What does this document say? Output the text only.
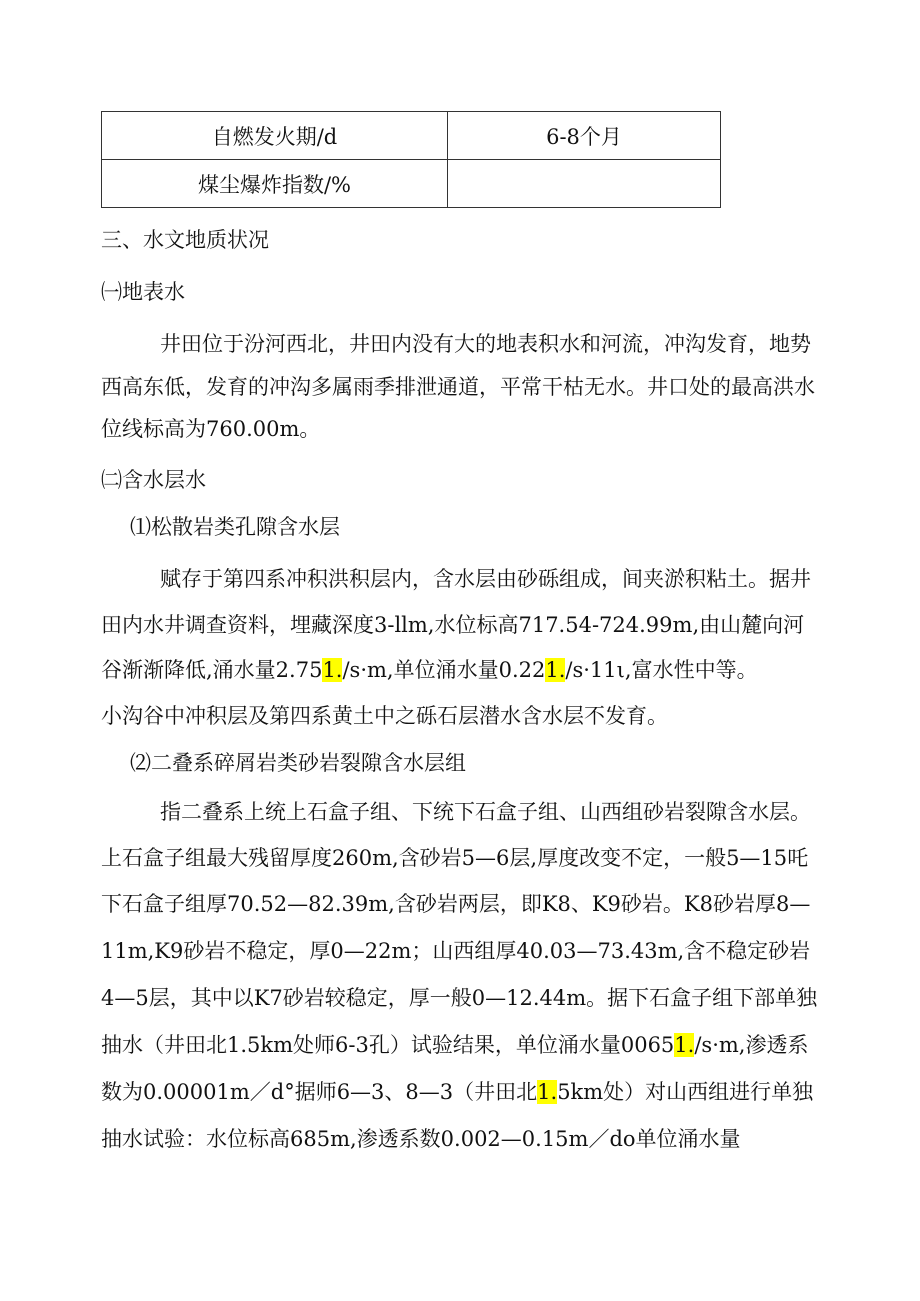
自燃发火期/d	6-8个月
煤尘爆炸指数/%	
三、水文地质状况
㈠地表水
井田位于汾河西北，井田内没有大的地表积水和河流，冲沟发育，地势
西高东低，发育的冲沟多属雨季排泄通道，平常干枯无水。井口处的最高洪水
位线标高为760.00m。
㈡含水层水
⑴松散岩类孔隙含水层
赋存于第四系冲积洪积层内，含水层由砂砾组成，间夹淤积粘土。据井
田内水井调查资料，埋藏深度3-llm,水位标高717.54-724.99m,由山麓向河
谷渐渐降低,涌水量2.751./s·m,单位涌水量0.221./s·11ι,富水性中等。
小沟谷中冲积层及第四系黄土中之砾石层潜水含水层不发育。
⑵二叠系碎屑岩类砂岩裂隙含水层组
指二叠系上统上石盒子组、下统下石盒子组、山西组砂岩裂隙含水层。
上石盒子组最大残留厚度260m,含砂岩5—6层,厚度改变不定，一般5—15吒
下石盒子组厚70.52—82.39m,含砂岩两层，即K8、K9砂岩。K8砂岩厚8—
11m,K9砂岩不稳定，厚0—22m；山西组厚40.03—73.43m,含不稳定砂岩
4—5层，其中以K7砂岩较稳定，厚一般0—12.44m。据下石盒子组下部单独
抽水（井田北1.5km处师6-3孔）试验结果，单位涌水量00651./s·m,渗透系
数为0.00001m／d°据师6—3、8—3（井田北1.5km处）对山西组进行单独
抽水试验：水位标高685m,渗透系数0.002—0.15m／do单位涌水量
